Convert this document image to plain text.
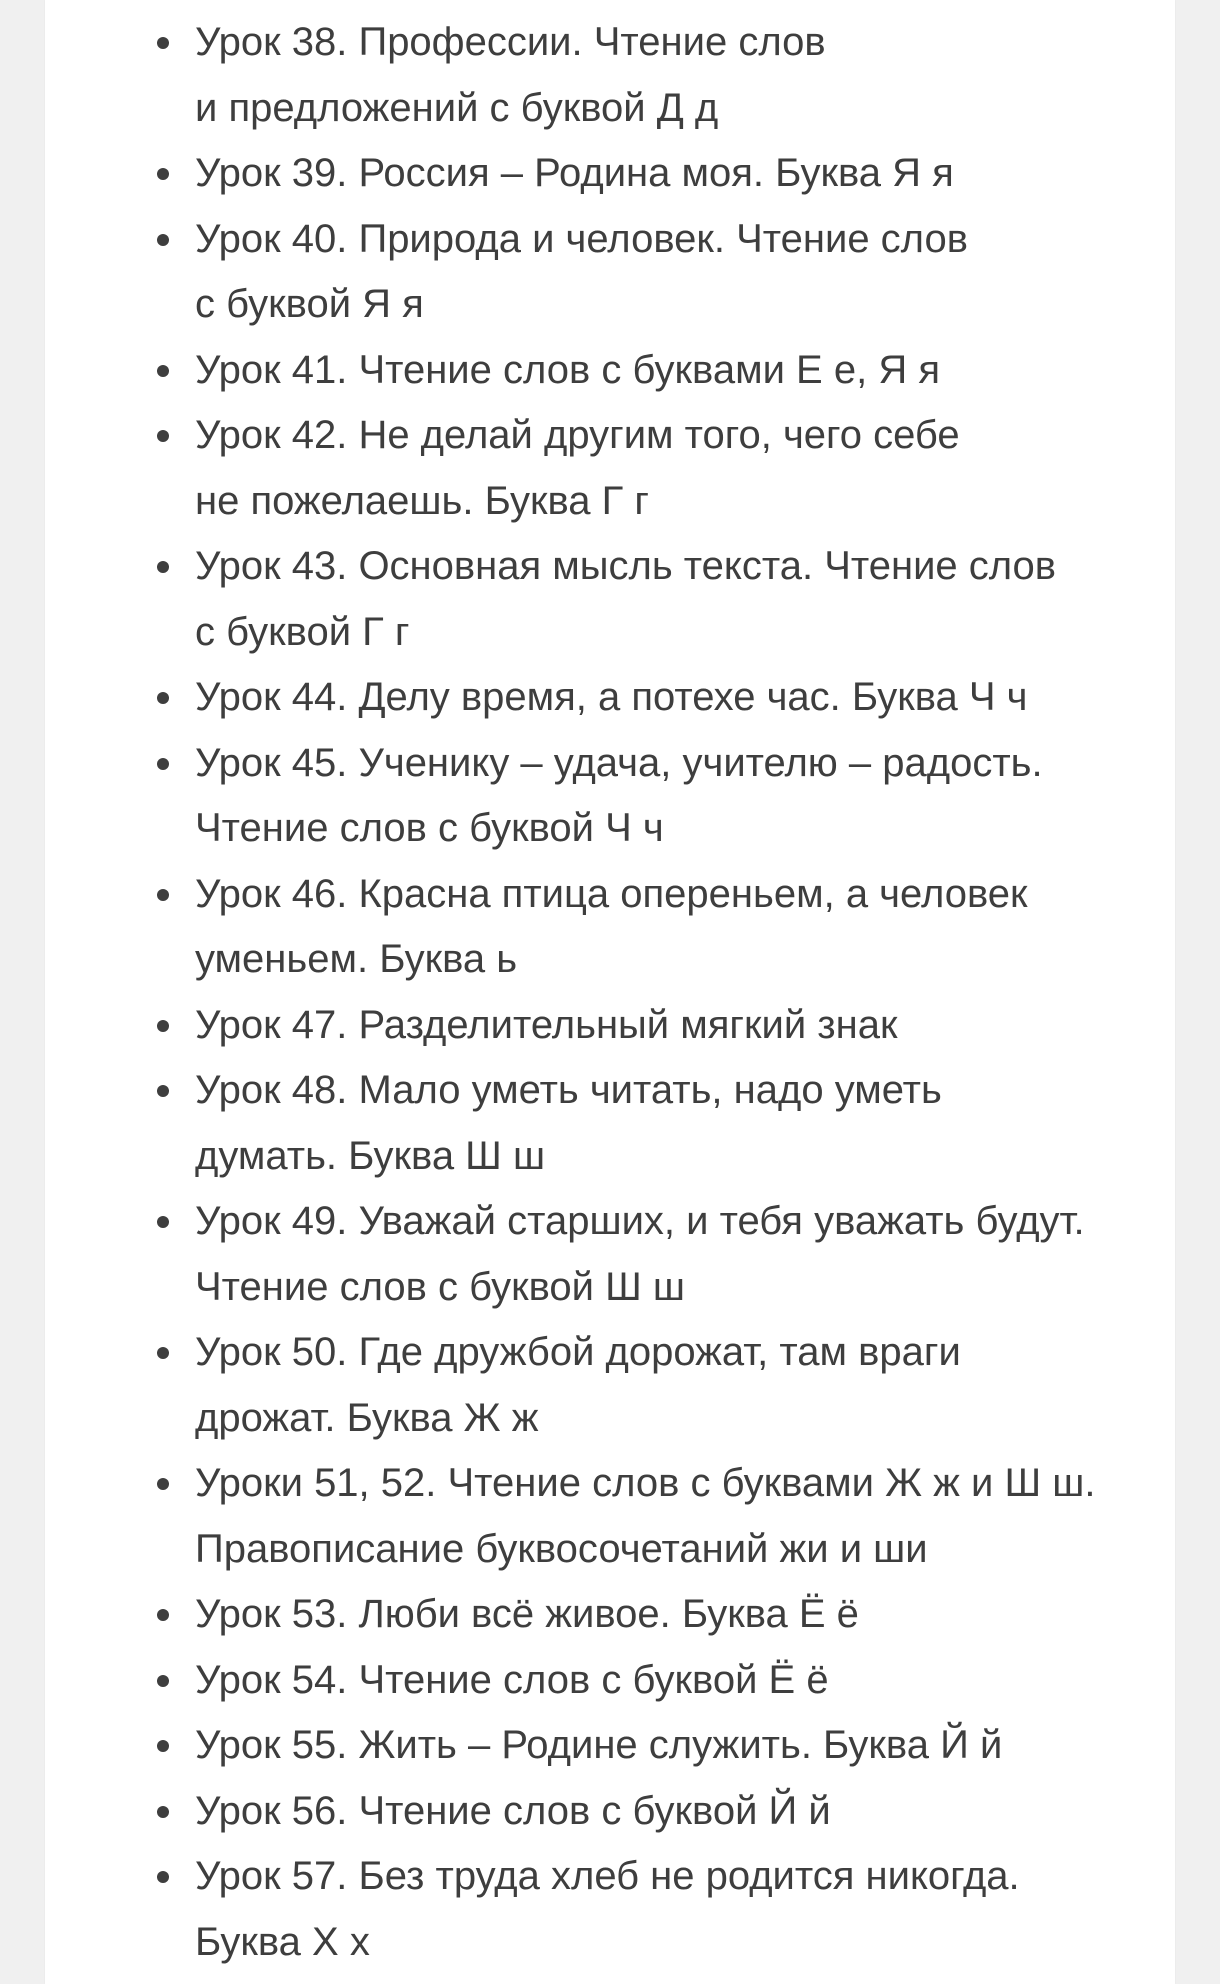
Урок 38. Профессии. Чтение слов
и предложений с буквой Д д
Урок 39. Россия – Родина моя. Буква Я я
Урок 40. Природа и человек. Чтение слов
с буквой Я я
Урок 41. Чтение слов с буквами Е е, Я я
Урок 42. Не делай другим того, чего себе
не пожелаешь. Буква Г г
Урок 43. Основная мысль текста. Чтение слов
с буквой Г г
Урок 44. Делу время, а потехе час. Буква Ч ч
Урок 45. Ученику – удача, учителю – радость.
Чтение слов с буквой Ч ч
Урок 46. Красна птица опереньем, а человек
уменьем. Буква ь
Урок 47. Разделительный мягкий знак
Урок 48. Мало уметь читать, надо уметь
думать. Буква Ш ш
Урок 49. Уважай старших, и тебя уважать будут.
Чтение слов с буквой Ш ш
Урок 50. Где дружбой дорожат, там враги
дрожат. Буква Ж ж
Уроки 51, 52. Чтение слов с буквами Ж ж и Ш ш.
Правописание буквосочетаний жи и ши
Урок 53. Люби всё живое. Буква Ё ё
Урок 54. Чтение слов с буквой Ё ё
Урок 55. Жить – Родине служить. Буква Й й
Урок 56. Чтение слов с буквой Й й
Урок 57. Без труда хлеб не родится никогда.
Буква Х х
